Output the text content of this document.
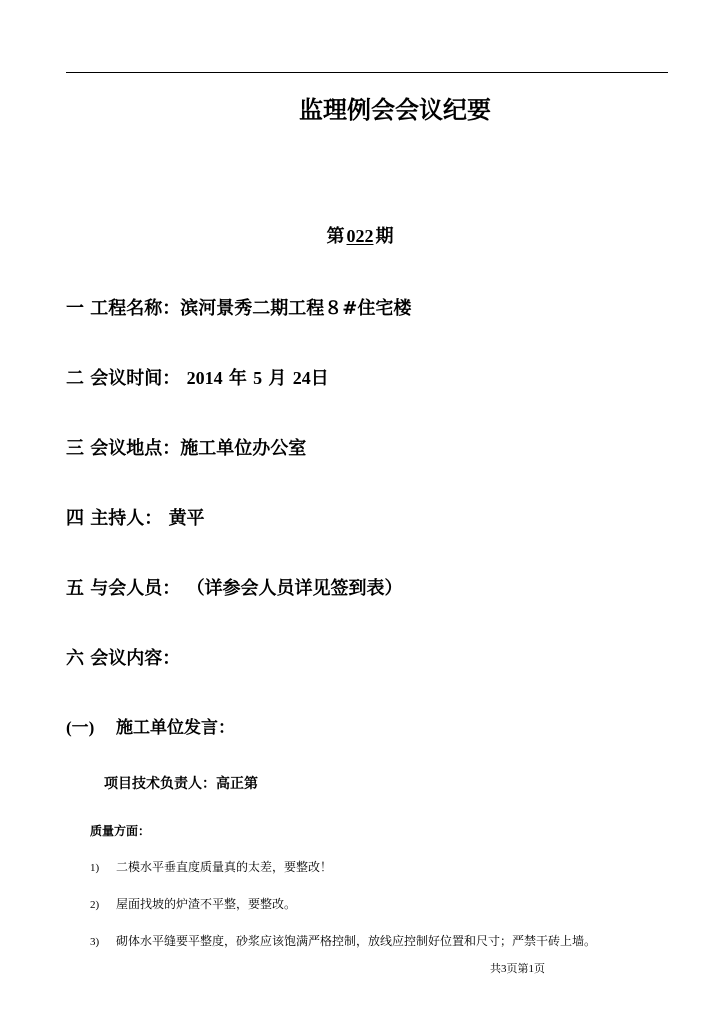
监理例会会议纪要
第 022 期
一 工程名称：滨河景秀二期工程８#住宅楼
二 会议时间： 2014 年 5 月 24日
三 会议地点：施工单位办公室
四 主持人： 黄平
五 与会人员： （详参会人员详见签到表）
六 会议内容：
(一) 施工单位发言：
项目技术负责人：高正第
质量方面：
1) 二模水平垂直度质量真的太差，要整改！
2) 屋面找坡的炉渣不平整，要整改。
3) 砌体水平缝要平整度，砂浆应该饱满严格控制，放线应控制好位置和尺寸；严禁干砖上墙。
共3页第1页
